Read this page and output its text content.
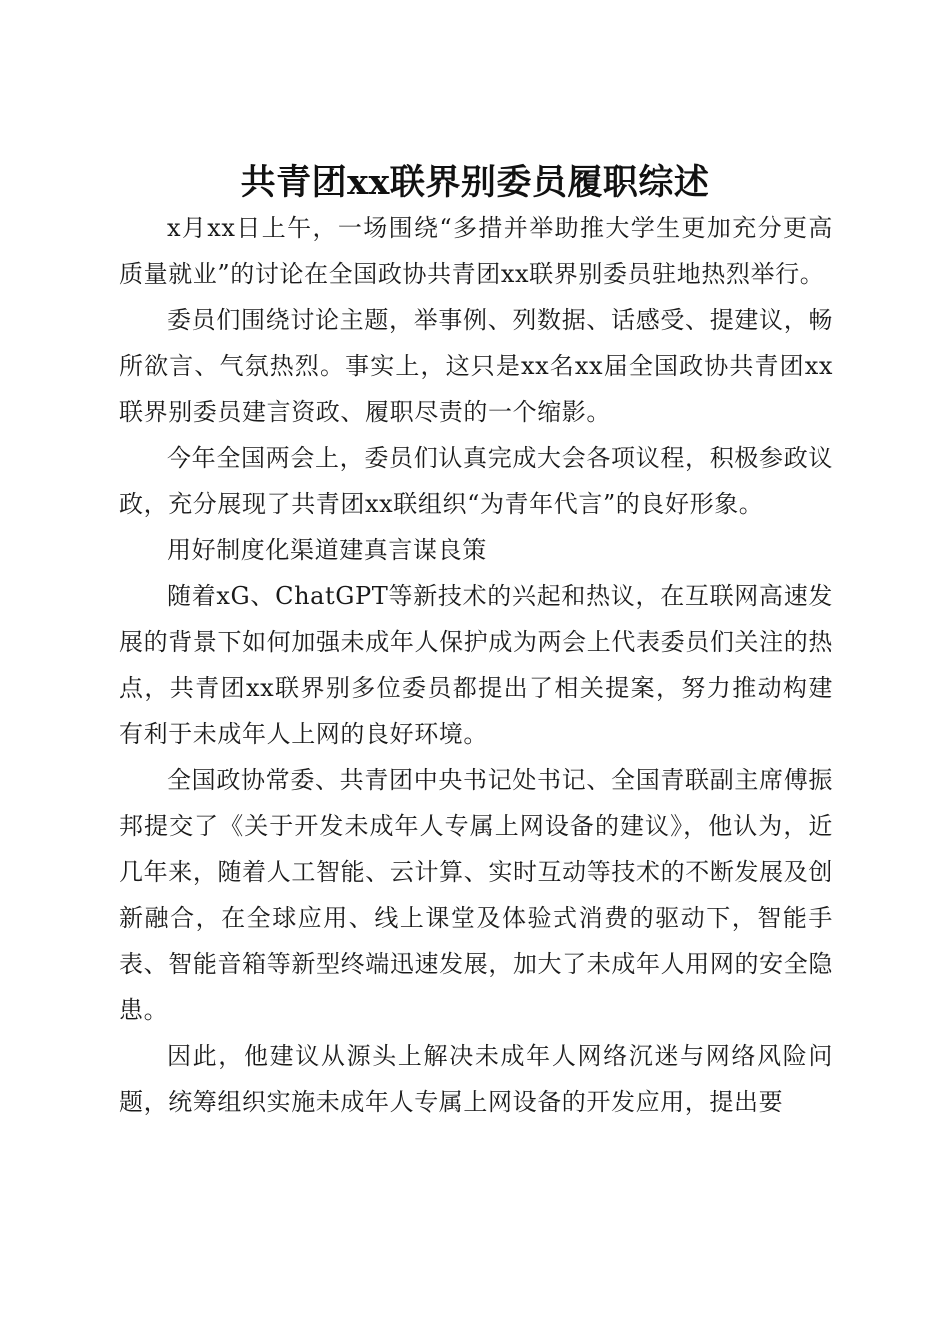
共青团xx联界别委员履职综述

x月xx日上午，一场围绕“多措并举助推大学生更加充分更高质量就业”的讨论在全国政协共青团xx联界别委员驻地热烈举行。

委员们围绕讨论主题，举事例、列数据、话感受、提建议，畅所欲言、气氛热烈。事实上，这只是xx名xx届全国政协共青团xx联界别委员建言资政、履职尽责的一个缩影。

今年全国两会上，委员们认真完成大会各项议程，积极参政议政，充分展现了共青团xx联组织“为青年代言”的良好形象。

用好制度化渠道建真言谋良策

随着xG、ChatGPT等新技术的兴起和热议，在互联网高速发展的背景下如何加强未成年人保护成为两会上代表委员们关注的热点，共青团xx联界别多位委员都提出了相关提案，努力推动构建有利于未成年人上网的良好环境。

全国政协常委、共青团中央书记处书记、全国青联副主席傅振邦提交了《关于开发未成年人专属上网设备的建议》，他认为，近几年来，随着人工智能、云计算、实时互动等技术的不断发展及创新融合，在全球应用、线上课堂及体验式消费的驱动下，智能手表、智能音箱等新型终端迅速发展，加大了未成年人用网的安全隐患。

因此，他建议从源头上解决未成年人网络沉迷与网络风险问题，统筹组织实施未成年人专属上网设备的开发应用，提出要
